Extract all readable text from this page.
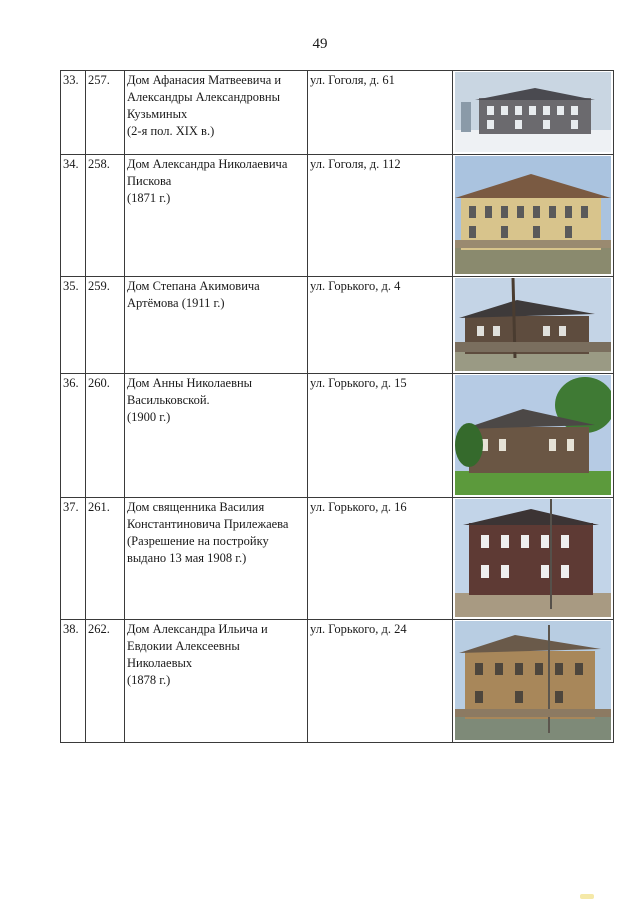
49
33.	257.	Дом Афанасия Матвеевича и
Александры Александровны
Кузьминых
(2-я пол. XIX в.)	ул. Гоголя, д. 61	

34.	258.	Дом Александра Николаевича
Пискова
(1871 г.)	ул. Гоголя, д. 112	

35.	259.	Дом Степана Акимовича
Артёмова (1911 г.)	ул. Горького, д. 4	

36.	260.	Дом Анны Николаевны
Васильковской.
(1900 г.)	ул. Горького, д. 15	

37.	261.	Дом священника Василия
Константиновича Прилежаева
(Разрешение на постройку
выдано 13 мая 1908 г.)	ул. Горького, д. 16	

38.	262.	Дом Александра Ильича и
Евдокии Алексеевны
Николаевых
(1878 г.)	ул. Горького, д. 24	
